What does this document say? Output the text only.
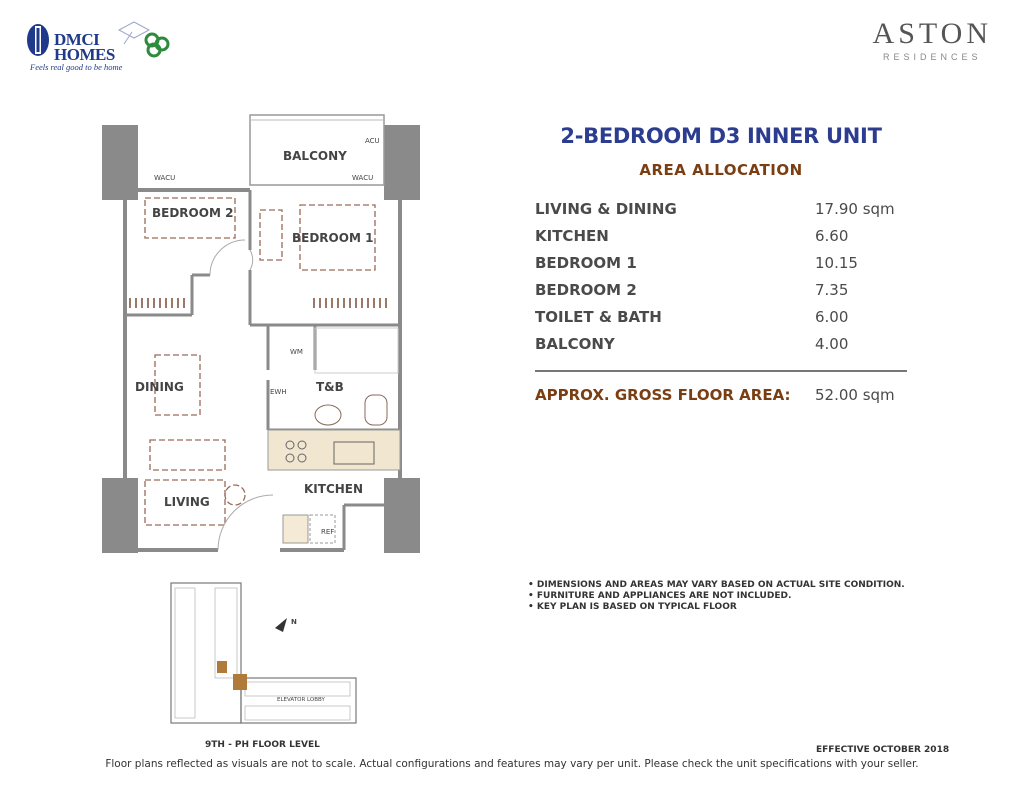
DMCI
HOMES
Feels real good to be home
ASTON
RESIDENCES
BALCONY
BEDROOM 2
BEDROOM 1
DINING
LIVING
KITCHEN
T&B
WM
REF
WACU	WACU
ACU
EWH
N
ELEVATOR LOBBY
9TH - PH FLOOR LEVEL
2-BEDROOM D3 INNER UNIT
AREA ALLOCATION
LIVING & DINING	17.90 sqm
KITCHEN	6.60
BEDROOM 1	10.15
BEDROOM 2	7.35
TOILET & BATH	6.00
BALCONY	4.00
APPROX. GROSS FLOOR AREA:	52.00 sqm
• DIMENSIONS AND AREAS MAY VARY BASED ON ACTUAL SITE CONDITION.
• FURNITURE AND APPLIANCES ARE NOT INCLUDED.
• KEY PLAN IS BASED ON TYPICAL FLOOR
EFFECTIVE OCTOBER 2018
Floor plans reflected as visuals are not to scale. Actual configurations and features may vary per unit. Please check the unit specifications with your seller.
